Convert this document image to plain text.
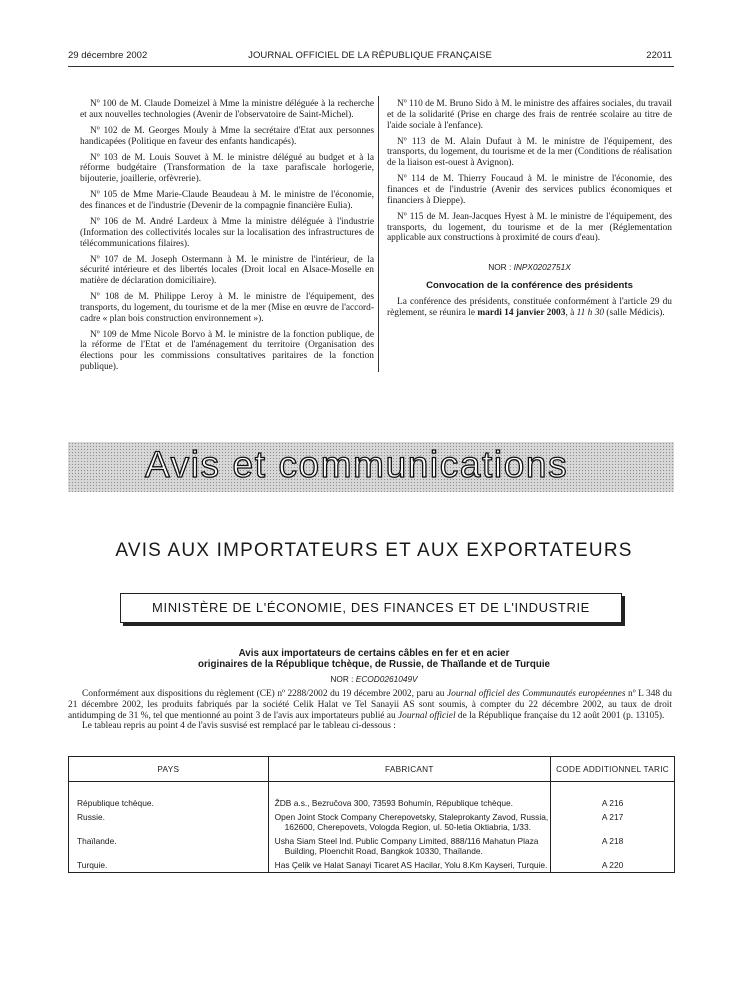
29 décembre 2002	JOURNAL OFFICIEL DE LA RÉPUBLIQUE FRANÇAISE	22011

Nº 100 de M. Claude Domeizel à Mme la ministre déléguée à la recherche et aux nouvelles technologies (Avenir de l'observatoire de Saint-Michel).

Nº 102 de M. Georges Mouly à Mme la secrétaire d'Etat aux personnes handicapées (Politique en faveur des enfants handicapés).

Nº 103 de M. Louis Souvet à M. le ministre délégué au budget et à la réforme budgétaire (Transformation de la taxe parafiscale horlogerie, bijouterie, joaillerie, orfèvrerie).

Nº 105 de Mme Marie-Claude Beaudeau à M. le ministre de l'économie, des finances et de l'industrie (Devenir de la compagnie financière Eulia).

Nº 106 de M. André Lardeux à Mme la ministre déléguée à l'industrie (Information des collectivités locales sur la localisation des infrastructures de télécommunications filaires).

Nº 107 de M. Joseph Ostermann à M. le ministre de l'intérieur, de la sécurité intérieure et des libertés locales (Droit local en Alsace-Moselle en matière de déclaration domiciliaire).

Nº 108 de M. Philippe Leroy à M. le ministre de l'équipement, des transports, du logement, du tourisme et de la mer (Mise en œuvre de l'accord-cadre « plan bois construction environnement »).

Nº 109 de Mme Nicole Borvo à M. le ministre de la fonction publique, de la réforme de l'Etat et de l'aménagement du territoire (Organisation des élections pour les commissions consultatives paritaires de la fonction publique).

Nº 110 de M. Bruno Sido à M. le ministre des affaires sociales, du travail et de la solidarité (Prise en charge des frais de rentrée scolaire au titre de l'aide sociale à l'enfance).

Nº 113 de M. Alain Dufaut à M. le ministre de l'équipement, des transports, du logement, du tourisme et de la mer (Conditions de réalisation de la liaison est-ouest à Avignon).

Nº 114 de M. Thierry Foucaud à M. le ministre de l'économie, des finances et de l'industrie (Avenir des services publics économiques et financiers à Dieppe).

Nº 115 de M. Jean-Jacques Hyest à M. le ministre de l'équipement, des transports, du logement, du tourisme et de la mer (Réglementation applicable aux constructions à proximité de cours d'eau).

NOR : INPX0202751X
Convocation de la conférence des présidents

La conférence des présidents, constituée conformément à l'article 29 du règlement, se réunira le mardi 14 janvier 2003, à 11 h 30 (salle Médicis).

Avis et communications
AVIS AUX IMPORTATEURS ET AUX EXPORTATEURS
MINISTÈRE DE L'ÉCONOMIE, DES FINANCES ET DE L'INDUSTRIE
Avis aux importateurs de certains câbles en fer et en acier
originaires de la République tchèque, de Russie, de Thaïlande et de Turquie
NOR : ECOD0261049V

Conformément aux dispositions du règlement (CE) nº 2288/2002 du 19 décembre 2002, paru au Journal officiel des Communautés européennes nº L 348 du 21 décembre 2002, les produits fabriqués par la société Celik Halat ve Tel Sanayii AS sont soumis, à compter du 22 décembre 2002, au taux de droit antidumping de 31 %, tel que mentionné au point 3 de l'avis aux importateurs publié au Journal officiel de la République française du 12 août 2001 (p. 13105).

Le tableau repris au point 4 de l'avis susvisé est remplacé par le tableau ci-dessous :

PAYS	FABRICANT	CODE ADDITIONNEL TARIC

République tchèque.	ŽDB a.s., Bezručova 300, 73593 Bohumín, République tchèque.	A 216
Russie.	Open Joint Stock Company Cherepovetsky, Staleprokanty Zavod, Russia,
162600, Cherepovets, Vologda Region, ul. 50-letia Oktiabria, 1/33.	A 217
Thaïlande.	Usha Siam Steel Ind. Public Company Limited, 888/116 Mahatun Plaza
Building, Ploenchit Road, Bangkok 10330, Thaïlande.	A 218
Turquie.	Has Çelik ve Halat Sanayi Ticaret AS Hacilar, Yolu 8.Km Kayseri, Turquie.	A 220
